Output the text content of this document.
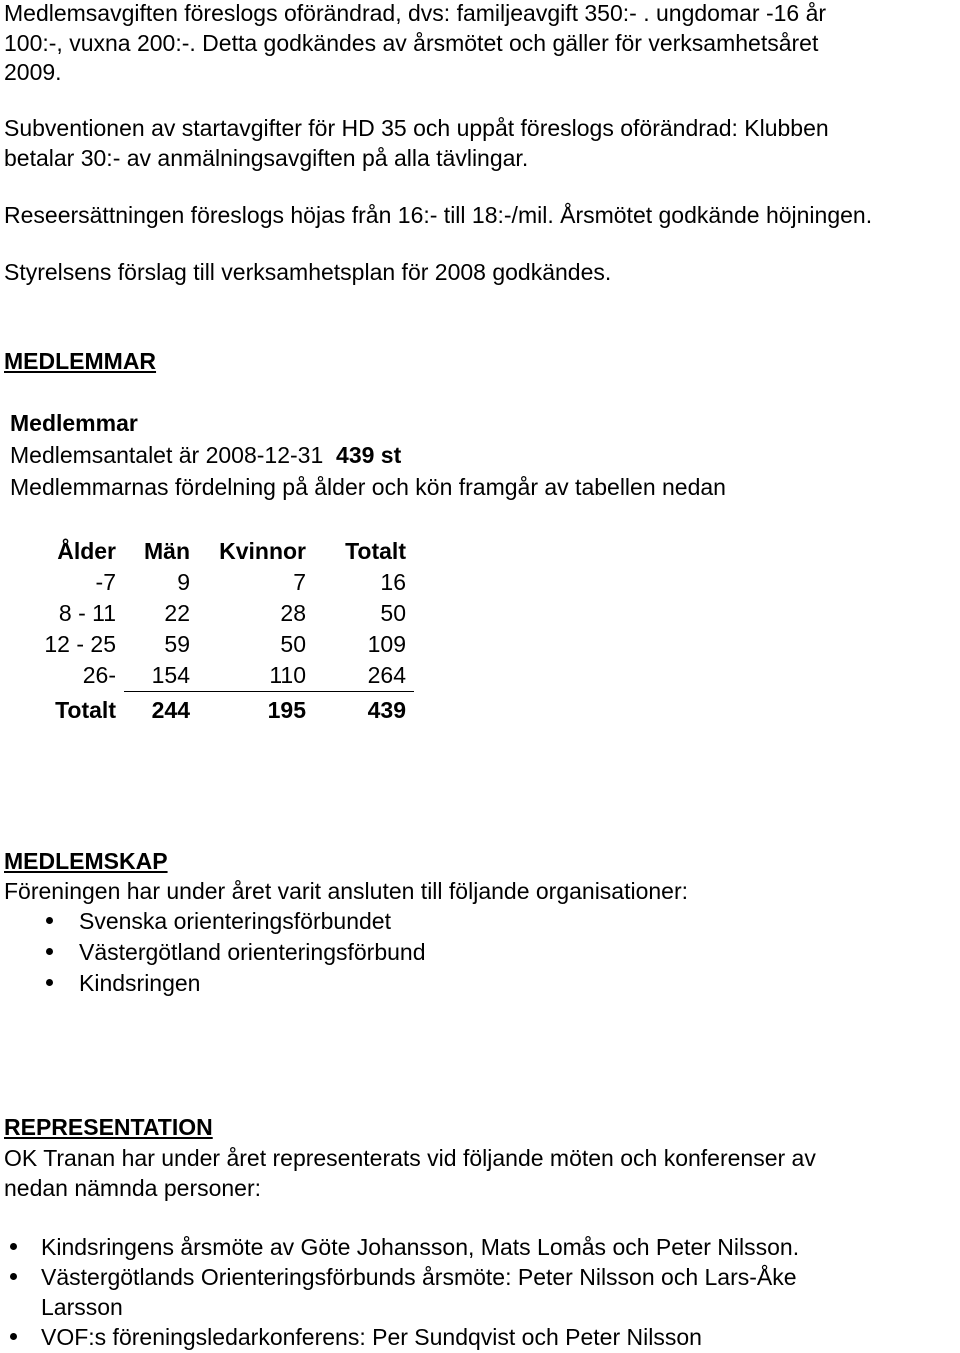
Medlemsavgiften föreslogs oförändrad, dvs: familjeavgift 350:- . ungdomar -16 år
100:-, vuxna 200:-. Detta godkändes av årsmötet och gäller för verksamhetsåret
2009.
Subventionen av startavgifter för HD 35 och uppåt föreslogs oförändrad: Klubben
betalar 30:- av anmälningsavgiften på alla tävlingar.
Reseersättningen föreslogs höjas från 16:- till 18:-/mil. Årsmötet godkände höjningen.
Styrelsens förslag till verksamhetsplan för 2008 godkändes.
MEDLEMMAR
Medlemmar
Medlemsantalet är 2008-12-31 439 st
Medlemmarnas fördelning på ålder och kön framgår av tabellen nedan
Ålder	Män	Kvinnor	Totalt
-7	9	7	16
8 - 11	22	28	50
12 - 25	59	50	109
26-	154	110	264
Totalt	244	195	439
MEDLEMSKAP
Föreningen har under året varit ansluten till följande organisationer:
Svenska orienteringsförbundet
Västergötland orienteringsförbund
Kindsringen
REPRESENTATION
OK Tranan har under året representerats vid följande möten och konferenser av
nedan nämnda personer:
Kindsringens årsmöte av Göte Johansson, Mats Lomås och Peter Nilsson.
Västergötlands Orienteringsförbunds årsmöte: Peter Nilsson och Lars-Åke
Larsson
VOF:s föreningsledarkonferens: Per Sundqvist och Peter Nilsson
